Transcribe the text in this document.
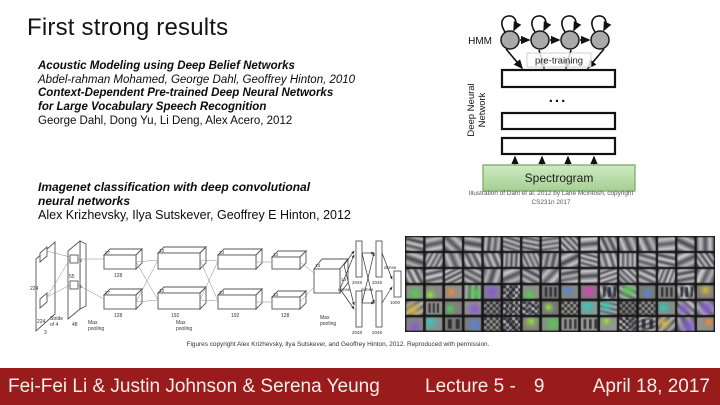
First strong results
Acoustic Modeling using Deep Belief Networks
Abdel-rahman Mohamed, George Dahl, Geoffrey Hinton, 2010
Context-Dependent Pre-trained Deep Neural Networks
for Large Vocabulary Speech Recognition
George Dahl, Dong Yu, Li Deng, Alex Acero, 2012
Imagenet classification with deep convolutional
neural networks
Alex Krizhevsky, Ilya Sutskever, Geoffrey E Hinton, 2012
HMM
pre-training
...
Deep Neural Network
Spectrogram
Illustration of Dahl et al. 2012 by Lane McIntosh, copyright
CS231n 2017
224
224
3
Stride
of 4
55
48
5
5
27
27
128
128
Max
pooling
13
13
192
Max
pooling
13
13
192
13
13
128
13
13
Max
pooling
2048
2048
2048
2048
1000
dense dense
dense
Figures copyright Alex Krizhevsky, Ilya Sutskever, and Geoffrey Hinton, 2012. Reproduced with permission.
Fei-Fei Li & Justin Johnson & Serena Yeung Lecture 5 - 9	April 18, 2017
